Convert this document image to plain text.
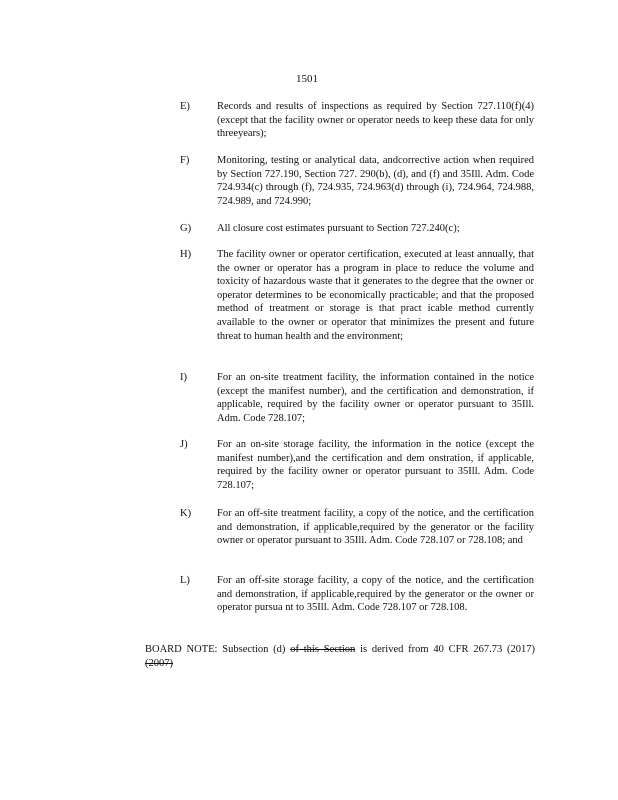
1501
E)	Records and results of inspections as required by Section 727.110(f)(4) (except that the facility owner or operator needs to keep these data for only threeyears);
F)	Monitoring, testing or analytical data, andcorrective action when required by Section 727.190, Section 727. 290(b), (d), and (f) and 35Ill. Adm. Code 724.934(c) through (f), 724.935, 724.963(d) through (i), 724.964, 724.988, 724.989, and 724.990;
G) All closure cost estimates pursuant to Section 727.240(c);
H) The facility owner or operator certification, executed at least annually, that the owner or operator has a program in place to reduce the volume and toxicity of hazardous waste that it generates to the degree that the owner or operator determines to be economically practicable; and that the proposed method of treatment or storage is that pract icable method currently available to the owner or operator that minimizes the present and future threat to human health and the environment;
I)	For an on-site treatment facility, the information contained in the notice (except the manifest number), and the certification and demonstration, if applicable, required by the facility owner or operator pursuant to 35Ill. Adm. Code 728.107;
J)	For an on-site storage facility, the information in the notice (except the manifest number),and the certification and dem onstration, if applicable, required by the facility owner or operator pursuant to 35Ill. Adm. Code 728.107;
K) For an off-site treatment facility, a copy of the notice, and the certification and demonstration, if applicable,required by the generator or the facility owner or operator pursuant to 35Ill. Adm. Code 728.107 or 728.108; and
L)	For an off-site storage facility, a copy of the notice, and the certification and demonstration, if applicable,required by the generator or the owner or operator pursua nt to 35Ill. Adm. Code 728.107 or 728.108.
BOARD NOTE: Subsection (d) of this Section is derived from 40 CFR 267.73 (2017) (2007)
